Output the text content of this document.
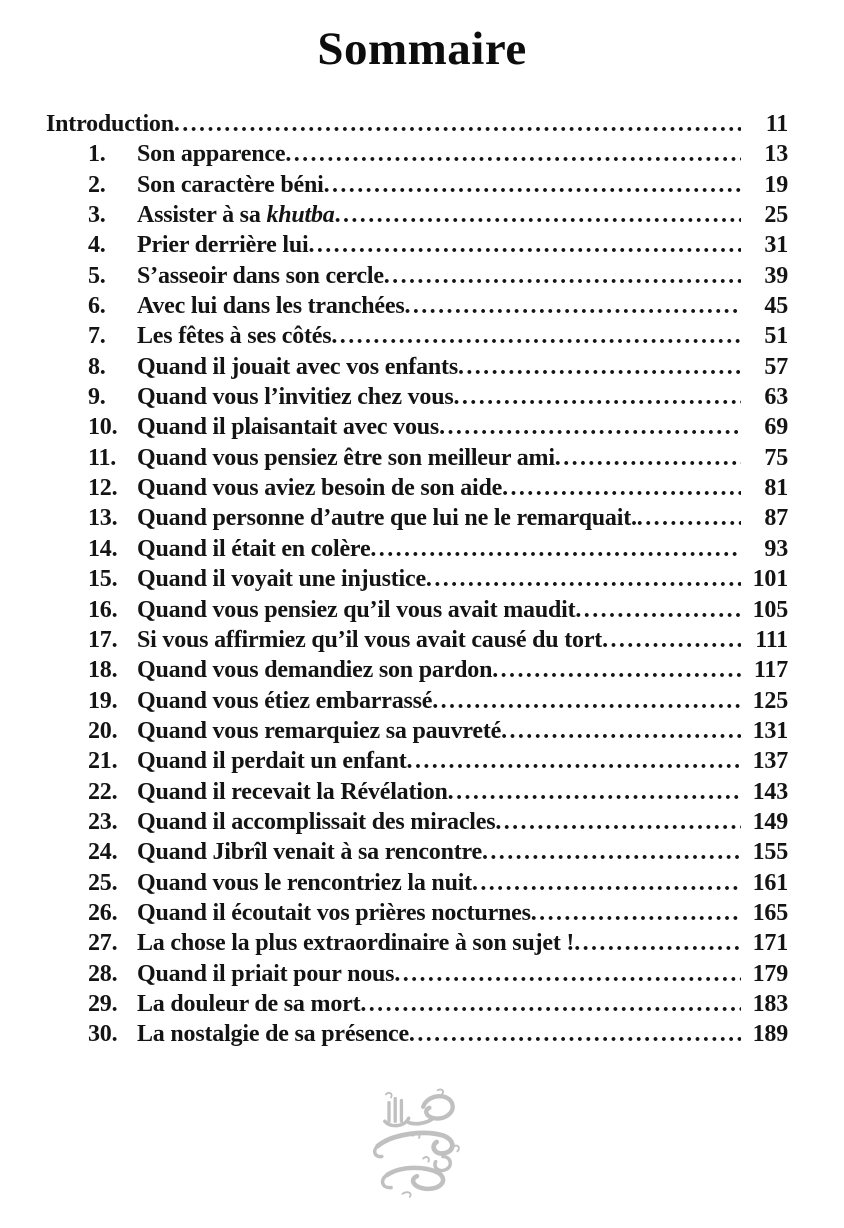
Sommaire
Introduction .....	11
1.	Son apparence .....	13
2.	Son caractère béni .....	19
3.	Assister à sa khutba .....	25
4.	Prier derrière lui .....	31
5.	S’asseoir dans son cercle .....	39
6.	Avec lui dans les tranchées .....	45
7.	Les fêtes à ses côtés .....	51
8.	Quand il jouait avec vos enfants .....	57
9.	Quand vous l’invitiez chez vous .....	63
10. Quand il plaisantait avec vous .....	69
11. Quand vous pensiez être son meilleur ami .....	75
12. Quand vous aviez besoin de son aide .....	81
13. Quand personne d’autre que lui ne le remarquait. .....	87
14. Quand il était en colère .....	93
15. Quand il voyait une injustice .....	101
16. Quand vous pensiez qu’il vous avait maudit .....	105
17. Si vous affirmiez qu’il vous avait causé du tort .....	111
18. Quand vous demandiez son pardon .....	117
19. Quand vous étiez embarrassé .....	125
20. Quand vous remarquiez sa pauvreté .....	131
21. Quand il perdait un enfant .....	137
22. Quand il recevait la Révélation .....	143
23. Quand il accomplissait des miracles .....	149
24. Quand Jibrîl venait à sa rencontre .....	155
25. Quand vous le rencontriez la nuit .....	161
26. Quand il écoutait vos prières nocturnes .....	165
27. La chose la plus extraordinaire à son sujet ! .....	171
28. Quand il priait pour nous .....	179
29. La douleur de sa mort .....	183
30. La nostalgie de sa présence .....	189
